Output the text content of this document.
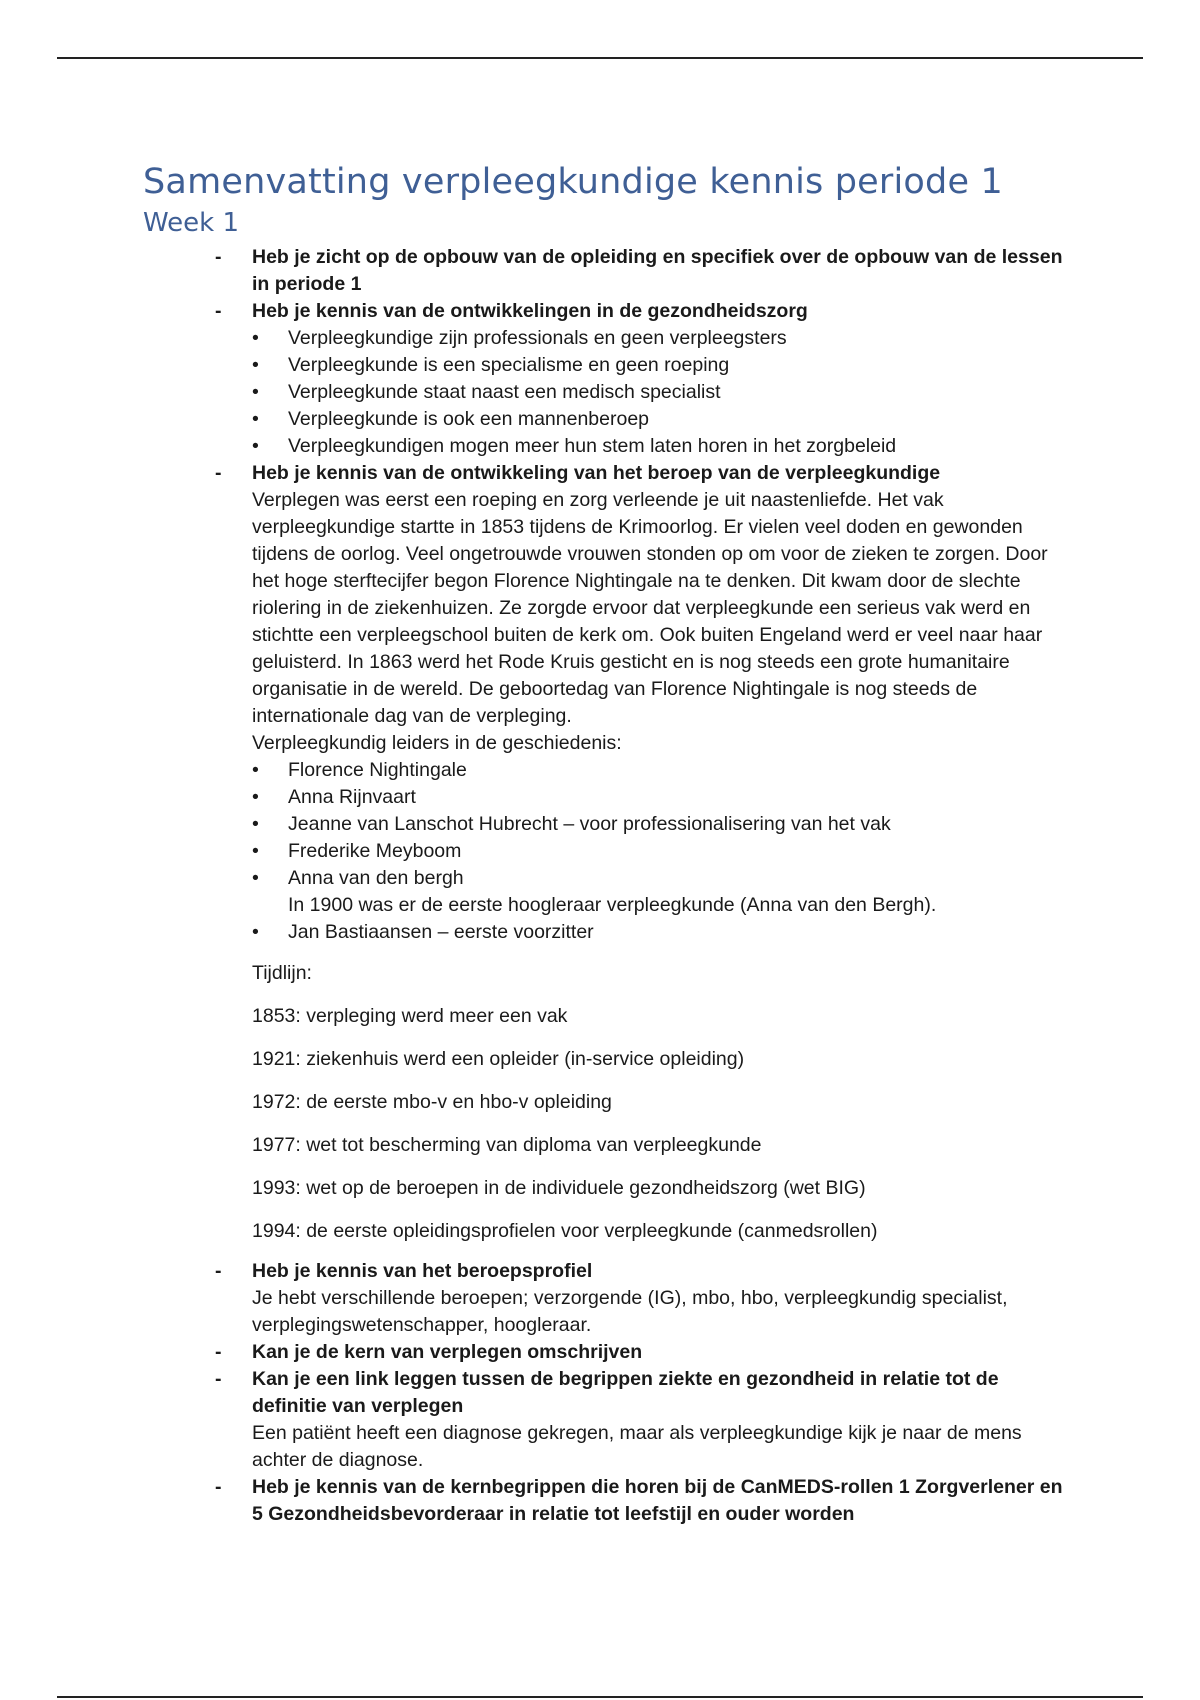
Samenvatting verpleegkundige kennis periode 1
Week 1
- Heb je zicht op de opbouw van de opleiding en specifiek over de opbouw van de lessen in periode 1
- Heb je kennis van de ontwikkelingen in de gezondheidszorg
• Verpleegkundige zijn professionals en geen verpleegsters
• Verpleegkunde is een specialisme en geen roeping
• Verpleegkunde staat naast een medisch specialist
• Verpleegkunde is ook een mannenberoep
• Verpleegkundigen mogen meer hun stem laten horen in het zorgbeleid
- Heb je kennis van de ontwikkeling van het beroep van de verpleegkundige
Verplegen was eerst een roeping en zorg verleende je uit naastenliefde. Het vak verpleegkundige startte in 1853 tijdens de Krimoorlog. Er vielen veel doden en gewonden tijdens de oorlog. Veel ongetrouwde vrouwen stonden op om voor de zieken te zorgen. Door het hoge sterftecijfer begon Florence Nightingale na te denken. Dit kwam door de slechte riolering in de ziekenhuizen. Ze zorgde ervoor dat verpleegkunde een serieus vak werd en stichtte een verpleegschool buiten de kerk om. Ook buiten Engeland werd er veel naar haar geluisterd. In 1863 werd het Rode Kruis gesticht en is nog steeds een grote humanitaire organisatie in de wereld. De geboortedag van Florence Nightingale is nog steeds de internationale dag van de verpleging.
Verpleegkundig leiders in de geschiedenis:
• Florence Nightingale
• Anna Rijnvaart
• Jeanne van Lanschot Hubrecht – voor professionalisering van het vak
• Frederike Meyboom
• Anna van den bergh
In 1900 was er de eerste hoogleraar verpleegkunde (Anna van den Bergh).
• Jan Bastiaansen – eerste voorzitter

Tijdlijn:

1853: verpleging werd meer een vak

1921: ziekenhuis werd een opleider (in-service opleiding)

1972: de eerste mbo-v en hbo-v opleiding

1977: wet tot bescherming van diploma van verpleegkunde

1993: wet op de beroepen in de individuele gezondheidszorg (wet BIG)

1994: de eerste opleidingsprofielen voor verpleegkunde (canmedsrollen)

- Heb je kennis van het beroepsprofiel
Je hebt verschillende beroepen; verzorgende (IG), mbo, hbo, verpleegkundig specialist, verplegingswetenschapper, hoogleraar.
- Kan je de kern van verplegen omschrijven
- Kan je een link leggen tussen de begrippen ziekte en gezondheid in relatie tot de definitie van verplegen
Een patiënt heeft een diagnose gekregen, maar als verpleegkundige kijk je naar de mens achter de diagnose.
- Heb je kennis van de kernbegrippen die horen bij de CanMEDS-rollen 1 Zorgverlener en 5 Gezondheidsbevorderaar in relatie tot leefstijl en ouder worden
